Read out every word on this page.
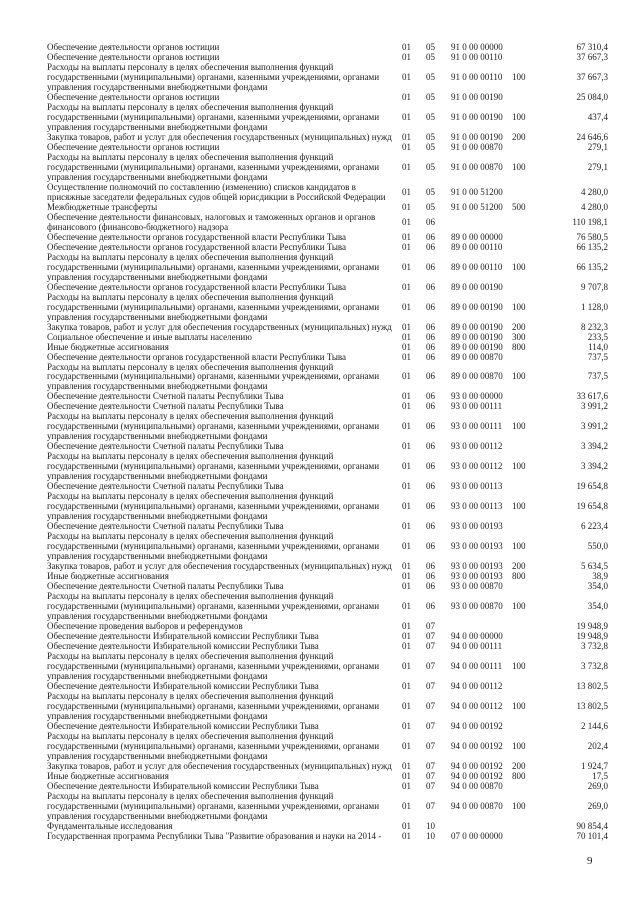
Обеспечение деятельности органов юстиции	01	05	91 0 00 00000	67 310,4
Обеспечение деятельности органов юстиции	01	05	91 0 00 00110	37 667,3
Расходы на выплаты персоналу в целях обеспечения выполнения функций
государственными (муниципальными) органами, казенными учреждениями, органами
управления государственными внебюджетными фондами
01	05	91 0 00 00110	100	37 667,3
Обеспечение деятельности органов юстиции	01	05	91 0 00 00190	25 084,0
Расходы на выплаты персоналу в целях обеспечения выполнения функций
государственными (муниципальными) органами, казенными учреждениями, органами
управления государственными внебюджетными фондами
01	05	91 0 00 00190	100	437,4
Закупка товаров, работ и услуг для обеспечения государственных (муниципальных) нужд	01	05	91 0 00 00190	200	24 646,6
Обеспечение деятельности органов юстиции	01	05	91 0 00 00870	279,1
Расходы на выплаты персоналу в целях обеспечения выполнения функций
государственными (муниципальными) органами, казенными учреждениями, органами
управления государственными внебюджетными фондами
01	05	91 0 00 00870	100	279,1
Осуществление полномочий по составлению (изменению) списков кандидатов в
присяжные заседатели федеральных судов общей юрисдикции в Российской Федерации	01	05	91 0 00 51200	4 280,0
Межбюджетные трансферты	01	05	91 0 00 51200	500	4 280,0
Обеспечение деятельности финансовых, налоговых и таможенных органов и органов
финансового (финансово-бюджетного) надзора	01	06	110 198,1
Обеспечение деятельности органов государственной власти Республики Тыва	01	06	89 0 00 00000	76 580,5
Обеспечение деятельности органов государственной власти Республики Тыва	01	06	89 0 00 00110	66 135,2
Расходы на выплаты персоналу в целях обеспечения выполнения функций
государственными (муниципальными) органами, казенными учреждениями, органами
управления государственными внебюджетными фондами
01	06	89 0 00 00110	100	66 135,2
Обеспечение деятельности органов государственной власти Республики Тыва	01	06	89 0 00 00190	9 707,8
Расходы на выплаты персоналу в целях обеспечения выполнения функций
государственными (муниципальными) органами, казенными учреждениями, органами
управления государственными внебюджетными фондами
01	06	89 0 00 00190	100	1 128,0
Закупка товаров, работ и услуг для обеспечения государственных (муниципальных) нужд	01	06	89 0 00 00190	200	8 232,3
Социальное обеспечение и иные выплаты населению	01	06	89 0 00 00190	300	233,5
Иные бюджетные ассигнования	01	06	89 0 00 00190	800	114,0
Обеспечение деятельности органов государственной власти Республики Тыва	01	06	89 0 00 00870	737,5
Расходы на выплаты персоналу в целях обеспечения выполнения функций
государственными (муниципальными) органами, казенными учреждениями, органами
управления государственными внебюджетными фондами
01	06	89 0 00 00870	100	737,5
Обеспечение деятельности Счетной палаты Республики Тыва	01	06	93 0 00 00000	33 617,6
Обеспечение деятельности Счетной палаты Республики Тыва	01	06	93 0 00 00111	3 991,2
Расходы на выплаты персоналу в целях обеспечения выполнения функций
государственными (муниципальными) органами, казенными учреждениями, органами
управления государственными внебюджетными фондами
01	06	93 0 00 00111	100	3 991,2
Обеспечение деятельности Счетной палаты Республики Тыва	01	06	93 0 00 00112	3 394,2
Расходы на выплаты персоналу в целях обеспечения выполнения функций
государственными (муниципальными) органами, казенными учреждениями, органами
управления государственными внебюджетными фондами
01	06	93 0 00 00112	100	3 394,2
Обеспечение деятельности Счетной палаты Республики Тыва	01	06	93 0 00 00113	19 654,8
Расходы на выплаты персоналу в целях обеспечения выполнения функций
государственными (муниципальными) органами, казенными учреждениями, органами
управления государственными внебюджетными фондами
01	06	93 0 00 00113	100	19 654,8
Обеспечение деятельности Счетной палаты Республики Тыва	01	06	93 0 00 00193	6 223,4
Расходы на выплаты персоналу в целях обеспечения выполнения функций
государственными (муниципальными) органами, казенными учреждениями, органами
управления государственными внебюджетными фондами
01	06	93 0 00 00193	100	550,0
Закупка товаров, работ и услуг для обеспечения государственных (муниципальных) нужд	01	06	93 0 00 00193	200	5 634,5
Иные бюджетные ассигнования	01	06	93 0 00 00193	800	38,9
Обеспечение деятельности Счетной палаты Республики Тыва	01	06	93 0 00 00870	354,0
Расходы на выплаты персоналу в целях обеспечения выполнения функций
государственными (муниципальными) органами, казенными учреждениями, органами
управления государственными внебюджетными фондами
01	06	93 0 00 00870	100	354,0
Обеспечение проведения выборов и референдумов	01	07	19 948,9
Обеспечение деятельности Избирательной комиссии Республики Тыва	01	07	94 0 00 00000	19 948,9
Обеспечение деятельности Избирательной комиссии Республики Тыва	01	07	94 0 00 00111	3 732,8
Расходы на выплаты персоналу в целях обеспечения выполнения функций
государственными (муниципальными) органами, казенными учреждениями, органами
управления государственными внебюджетными фондами
01	07	94 0 00 00111	100	3 732,8
Обеспечение деятельности Избирательной комиссии Республики Тыва	01	07	94 0 00 00112	13 802,5
Расходы на выплаты персоналу в целях обеспечения выполнения функций
государственными (муниципальными) органами, казенными учреждениями, органами
управления государственными внебюджетными фондами
01	07	94 0 00 00112	100	13 802,5
Обеспечение деятельности Избирательной комиссии Республики Тыва	01	07	94 0 00 00192	2 144,6
Расходы на выплаты персоналу в целях обеспечения выполнения функций
государственными (муниципальными) органами, казенными учреждениями, органами
управления государственными внебюджетными фондами
01	07	94 0 00 00192	100	202,4
Закупка товаров, работ и услуг для обеспечения государственных (муниципальных) нужд	01	07	94 0 00 00192	200	1 924,7
Иные бюджетные ассигнования	01	07	94 0 00 00192	800	17,5
Обеспечение деятельности Избирательной комиссии Республики Тыва	01	07	94 0 00 00870	269,0
Расходы на выплаты персоналу в целях обеспечения выполнения функций
государственными (муниципальными) органами, казенными учреждениями, органами
управления государственными внебюджетными фондами
01	07	94 0 00 00870	100	269,0
Фундаментальные исследования	01	10	90 854,4
Государственная программа Республики Тыва "Развитие образования и науки на 2014 -	01	10	07 0 00 00000	70 101,4
9
